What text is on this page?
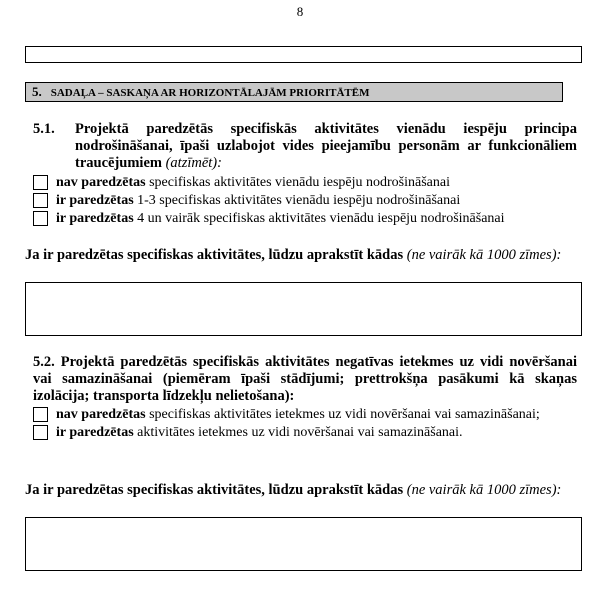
8
5. SADAĻA – SASKAŅA AR HORIZONTĀLAJĀM PRIORITĀTĒM
5.1.	Projektā paredzētās specifiskās aktivitātes vienādu iespēju principa nodrošināšanai, īpaši uzlabojot vides pieejamību personām ar funkcionāliem traucējumiem (atzīmēt):
nav paredzētas specifiskas aktivitātes vienādu iespēju nodrošināšanai
ir paredzētas 1-3 specifiskas aktivitātes vienādu iespēju nodrošināšanai
ir paredzētas 4 un vairāk specifiskas aktivitātes vienādu iespēju nodrošināšanai
Ja ir paredzētas specifiskas aktivitātes, lūdzu aprakstīt kādas (ne vairāk kā 1000 zīmes):
5.2. Projektā paredzētās specifiskās aktivitātes negatīvas ietekmes uz vidi novēršanai vai samazināšanai (piemēram īpaši stādījumi; prettrokšņa pasākumi kā skaņas izolācija; transporta līdzekļu nelietošana):
nav paredzētas specifiskas aktivitātes ietekmes uz vidi novēršanai vai samazināšanai;
ir paredzētas aktivitātes ietekmes uz vidi novēršanai vai samazināšanai.
Ja ir paredzētas specifiskas aktivitātes, lūdzu aprakstīt kādas (ne vairāk kā 1000 zīmes):
